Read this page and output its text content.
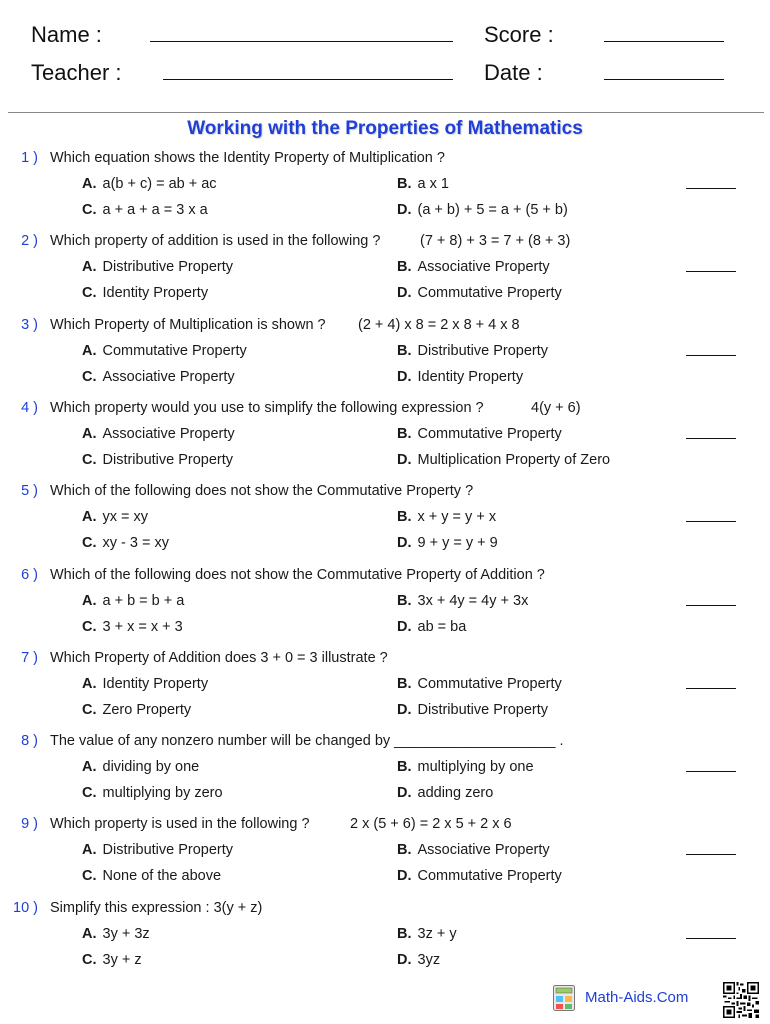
Name :	Score :
Teacher :	Date :
Working with the Properties of Mathematics
1 ) Which equation shows the Identity Property of Multiplication ?
A. a(b + c) = ab + ac	B. a x 1
C. a + a + a = 3 x a	D. (a + b) + 5 = a + (5 + b)
2 ) Which property of addition is used in the following ?	(7 + 8) + 3 = 7 + (8 + 3)
A. Distributive Property	B. Associative Property
C. Identity Property	D. Commutative Property
3 ) Which Property of Multiplication is shown ? (2 + 4) x 8 = 2 x 8 + 4 x 8
A. Commutative Property	B. Distributive Property
C. Associative Property	D. Identity Property
4 ) Which property would you use to simplify the following expression ?	4(y + 6)
A. Associative Property	B. Commutative Property
C. Distributive Property	D. Multiplication Property of Zero
5 ) Which of the following does not show the Commutative Property ?
A. yx = xy	B. x + y = y + x
C. xy - 3 = xy	D. 9 + y = y + 9
6 ) Which of the following does not show the Commutative Property of Addition ?
A. a + b = b + a	B. 3x + 4y = 4y + 3x
C. 3 + x = x + 3	D. ab = ba
7 ) Which Property of Addition does 3 + 0 = 3 illustrate ?
A. Identity Property	B. Commutative Property
C. Zero Property	D. Distributive Property
8 ) The value of any nonzero number will be changed by ____________________ .
A. dividing by one	B. multiplying by one
C. multiplying by zero	D. adding zero
9 ) Which property is used in the following ?	2 x (5 + 6) = 2 x 5 + 2 x 6
A. Distributive Property	B. Associative Property
C. None of the above	D. Commutative Property
10 ) Simplify this expression : 3(y + z)
A. 3y + 3z	B. 3z + y
C. 3y + z	D. 3yz
Math-Aids.Com
